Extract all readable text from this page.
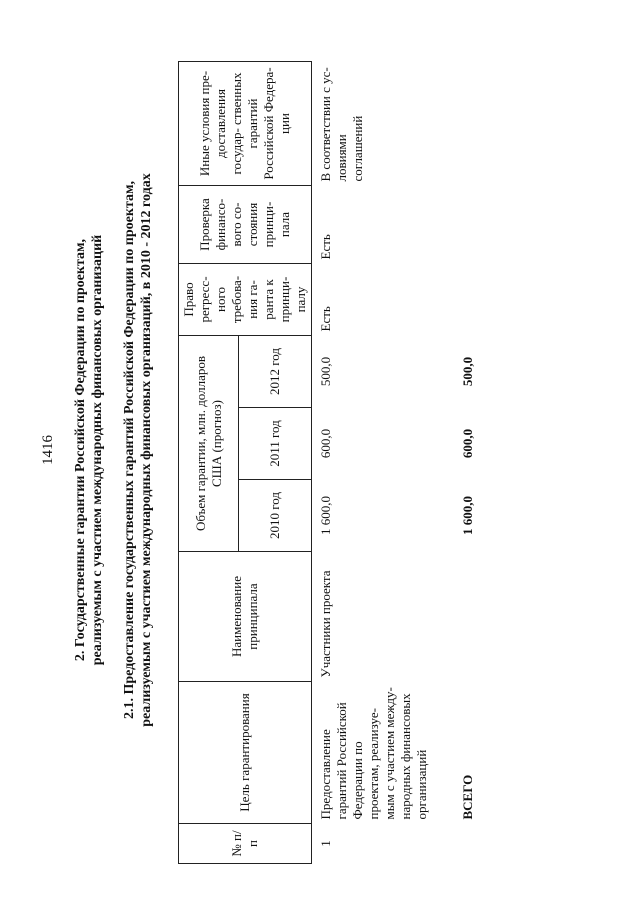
1416 2. Государственные гарантии Российской Федерации по проектам, реализуемым с участием международных финансовых организаций 2.1. Предоставление государственных гарантий Российской Федерации по проектам, реализуемым с участием международных финансовых организаций, в 2010 - 2012 годах
№ п/п	Цель гарантирования	Наименование принципала	Объем гарантии, млн. долларов США (прогноз)			Право регресс- ного требова- ния га- ранта к принци- палу	Проверка финансо- вого со- стояния принци- пала	Иные условия пре- доставления государ- ственных гарантий Российской Федера- ции
			2010 год	2011 год	2012 год			
1	Предоставление гарантий Российской Федерации по проектам, реализуе- мым с участием между- народных финансовых организаций	Участники проекта	1 600,0	600,0	500,0	Есть	Есть	В соответствии с ус- ловиями соглашений
	ВСЕГО		1 600,0	600,0	500,0			
